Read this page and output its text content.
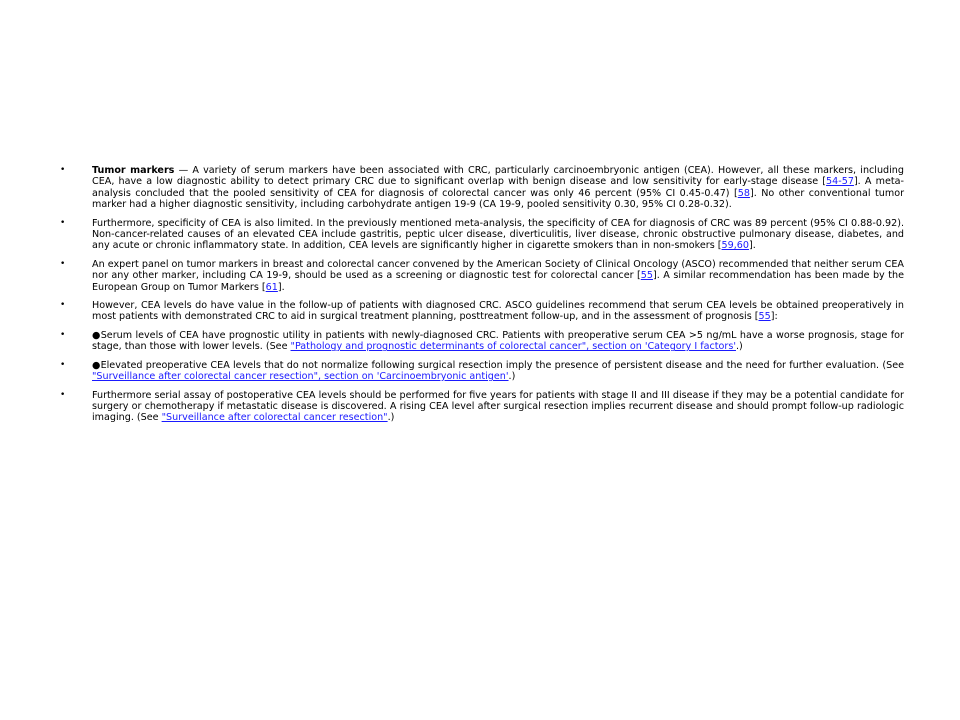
•	Tumor markers — A variety of serum markers have been associated with CRC, particularly carcinoembryonic antigen (CEA). However, all these markers, including CEA, have a low diagnostic ability to detect primary CRC due to significant overlap with benign disease and low sensitivity for early-stage disease [54-57]. A meta-analysis concluded that the pooled sensitivity of CEA for diagnosis of colorectal cancer was only 46 percent (95% CI 0.45-0.47) [58]. No other conventional tumor marker had a higher diagnostic sensitivity, including carbohydrate antigen 19-9 (CA 19-9, pooled sensitivity 0.30, 95% CI 0.28-0.32).
•	Furthermore, specificity of CEA is also limited. In the previously mentioned meta-analysis, the specificity of CEA for diagnosis of CRC was 89 percent (95% CI 0.88-0.92). Non-cancer-related causes of an elevated CEA include gastritis, peptic ulcer disease, diverticulitis, liver disease, chronic obstructive pulmonary disease, diabetes, and any acute or chronic inflammatory state. In addition, CEA levels are significantly higher in cigarette smokers than in non-smokers [59,60].
•	An expert panel on tumor markers in breast and colorectal cancer convened by the American Society of Clinical Oncology (ASCO) recommended that neither serum CEA nor any other marker, including CA 19-9, should be used as a screening or diagnostic test for colorectal cancer [55]. A similar recommendation has been made by the European Group on Tumor Markers [61].
•	However, CEA levels do have value in the follow-up of patients with diagnosed CRC. ASCO guidelines recommend that serum CEA levels be obtained preoperatively in most patients with demonstrated CRC to aid in surgical treatment planning, posttreatment follow-up, and in the assessment of prognosis [55]:
•	●Serum levels of CEA have prognostic utility in patients with newly-diagnosed CRC. Patients with preoperative serum CEA >5 ng/mL have a worse prognosis, stage for stage, than those with lower levels. (See "Pathology and prognostic determinants of colorectal cancer", section on 'Category I factors'.)
•	●Elevated preoperative CEA levels that do not normalize following surgical resection imply the presence of persistent disease and the need for further evaluation. (See "Surveillance after colorectal cancer resection", section on 'Carcinoembryonic antigen'.)
•	Furthermore serial assay of postoperative CEA levels should be performed for five years for patients with stage II and III disease if they may be a potential candidate for surgery or chemotherapy if metastatic disease is discovered. A rising CEA level after surgical resection implies recurrent disease and should prompt follow-up radiologic imaging. (See "Surveillance after colorectal cancer resection".)
